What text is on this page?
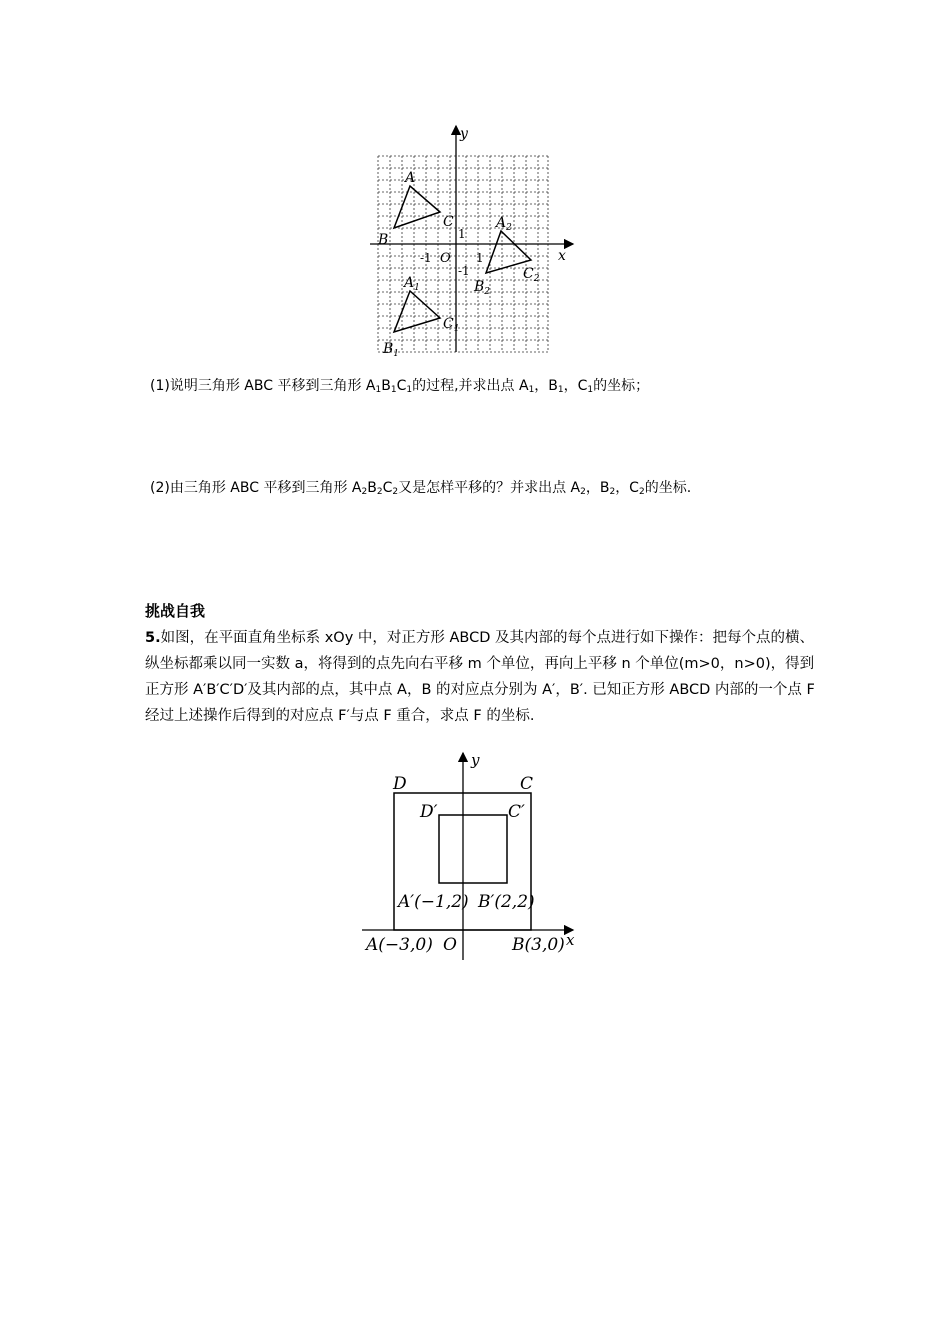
x
y
O
1
-1	1
-1
A
B
C
$A_1$
$B_1$
$C_1$
$A_2$
$B_2$
$C_2$
(1)说明三角形 ABC 平移到三角形 $A_1B_1C_1$的过程,并求出点 $A_1$，$B_1$，$C_1$的坐标；
(2)由三角形 ABC 平移到三角形 $A_2B_2C_2$又是怎样平移的？并求出点 $A_2$，$B_2$，$C_2$的坐标.
挑战自我
5.如图，在平面直角坐标系 xOy 中，对正方形 ABCD 及其内部的每个点进行如下操作：把每个点的横、纵坐标都乘以同一实数 a，将得到的点先向右平移 m 个单位，再向上平移 n 个单位(m>0，n>0)，得到正方形 A′B′C′D′及其内部的点，其中点 A，B 的对应点分别为 A′，B′. 已知正方形 ABCD 内部的一个点 F 经过上述操作后得到的对应点 F′与点 F 重合，求点 F 的坐标.
x
y
D	C
D′	C′
A′(−1,2) B′(2,2)
O
A(−3,0)	B(3,0)
